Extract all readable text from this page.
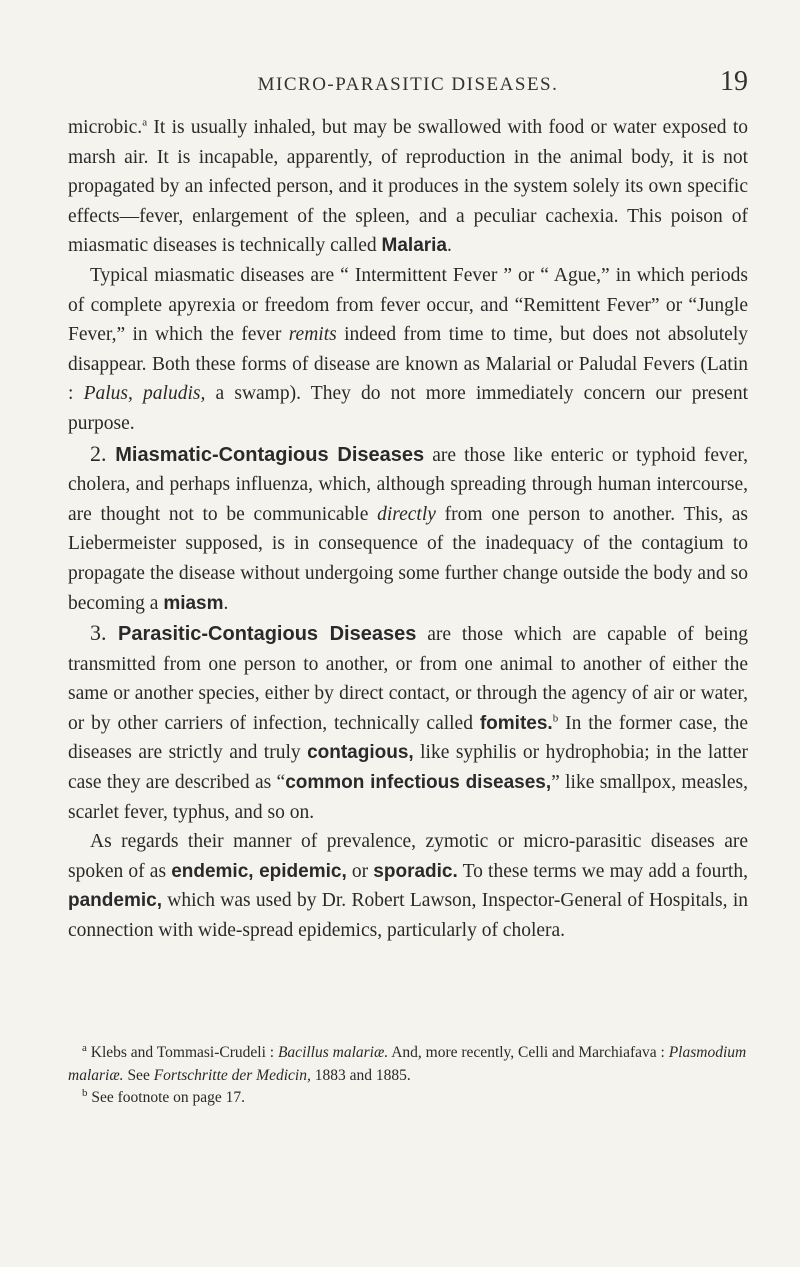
MICRO-PARASITIC DISEASES.	19

microbic.$^a$ It is usually inhaled, but may be swallowed with food or water exposed to marsh air. It is incapable, apparently, of reproduction in the animal body, it is not propagated by an infected person, and it produces in the system solely its own specific effects—fever, enlargement of the spleen, and a peculiar cachexia. This poison of miasmatic diseases is technically called Malaria.

Typical miasmatic diseases are “ Intermittent Fever ” or “ Ague,” in which periods of complete apyrexia or freedom from fever occur, and “Remittent Fever” or “Jungle Fever,” in which the fever remits indeed from time to time, but does not absolutely disappear. Both these forms of disease are known as Malarial or Paludal Fevers (Latin : Palus, paludis, a swamp). They do not more immediately concern our present purpose.

2. Miasmatic-Contagious Diseases are those like enteric or typhoid fever, cholera, and perhaps influenza, which, although spreading through human intercourse, are thought not to be communicable directly from one person to another. This, as Liebermeister supposed, is in consequence of the inadequacy of the contagium to propagate the disease without undergoing some further change outside the body and so becoming a miasm.

3. Parasitic-Contagious Diseases are those which are capable of being transmitted from one person to another, or from one animal to another of either the same or another species, either by direct contact, or through the agency of air or water, or by other carriers of infection, technically called fomites.$^b$ In the former case, the diseases are strictly and truly contagious, like syphilis or hydrophobia; in the latter case they are described as “common infectious diseases,” like smallpox, measles, scarlet fever, typhus, and so on.

As regards their manner of prevalence, zymotic or micro-parasitic diseases are spoken of as endemic, epidemic, or sporadic. To these terms we may add a fourth, pandemic, which was used by Dr. Robert Lawson, Inspector-General of Hospitals, in connection with wide-spread epidemics, particularly of cholera.

$^a$ Klebs and Tommasi-Crudeli : Bacillus malariæ. And, more recently, Celli and Marchiafava : Plasmodium malariæ. See Fortschritte der Medicin, 1883 and 1885.

$^b$ See footnote on page 17.
